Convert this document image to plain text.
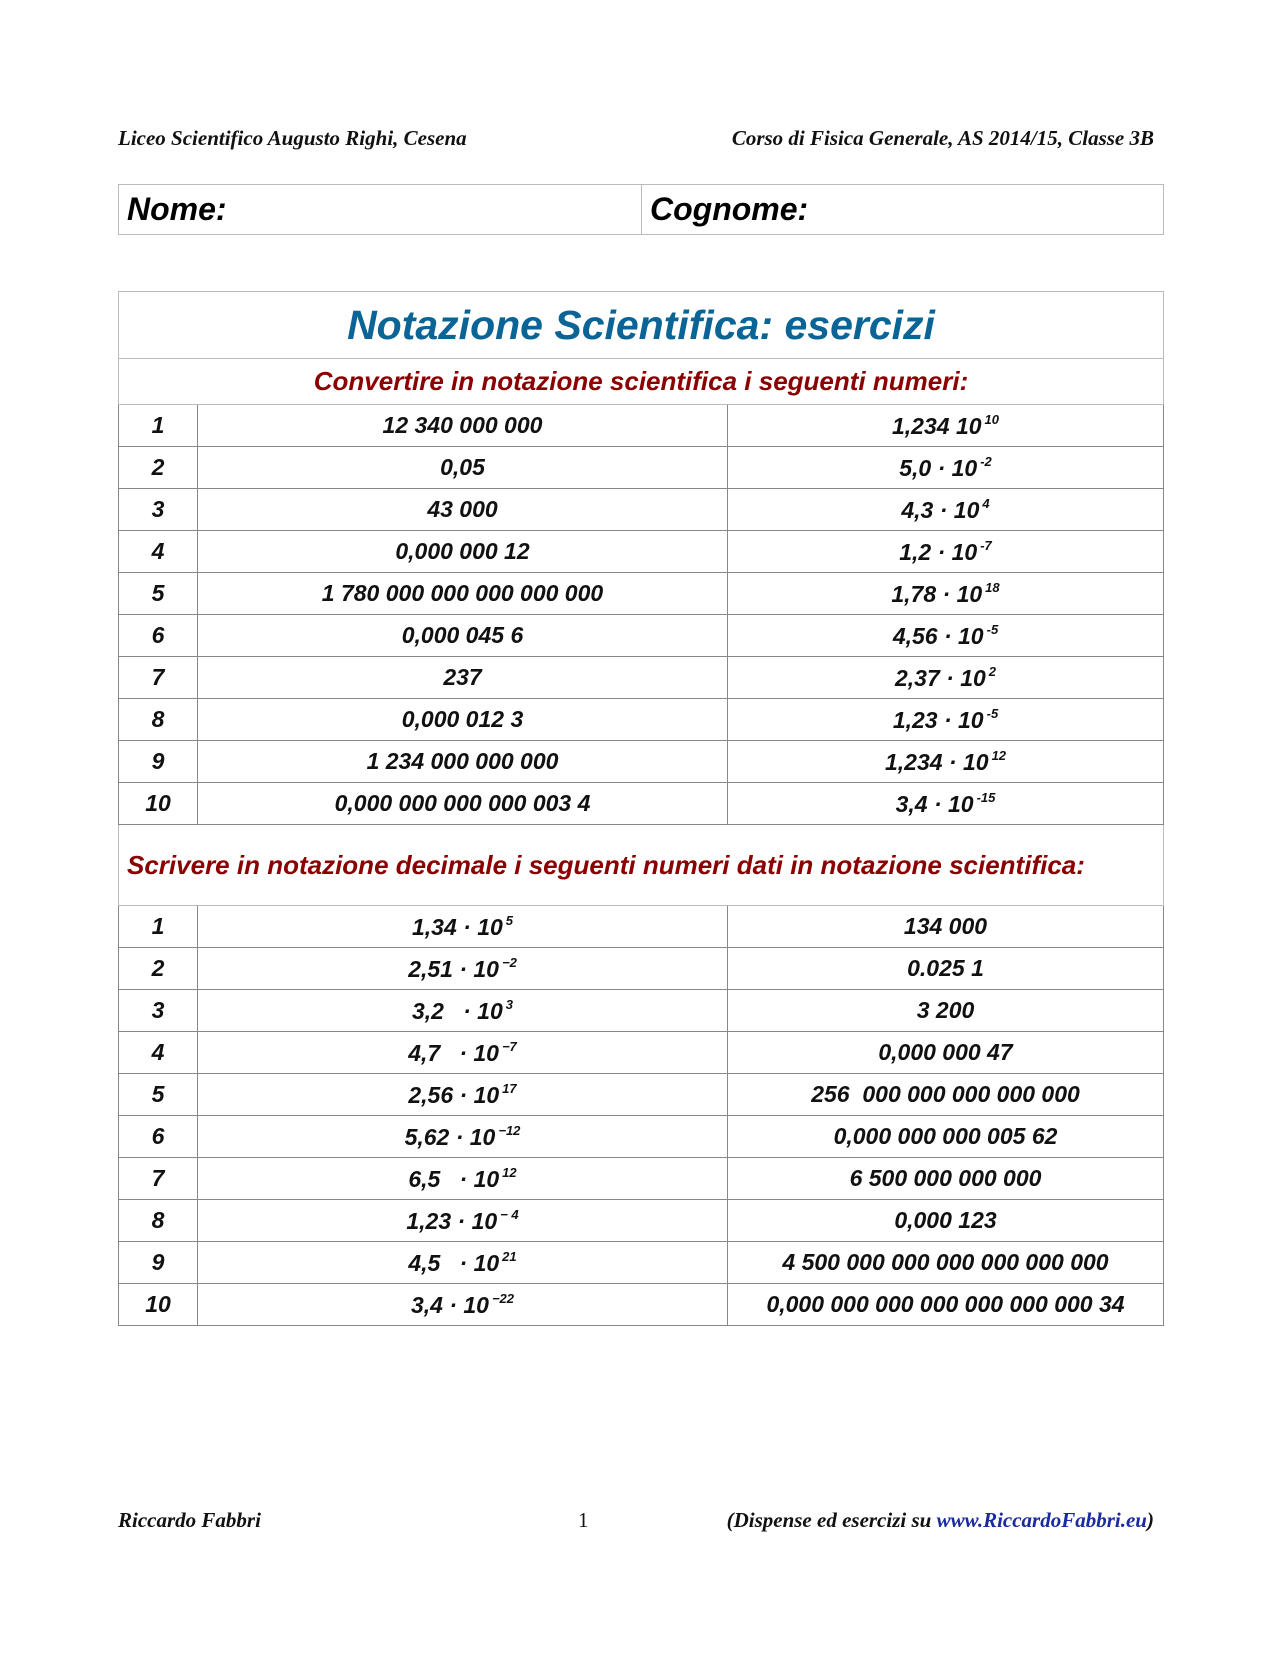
Liceo Scientifico Augusto Righi, Cesena	Corso di Fisica Generale, AS 2014/15, Classe 3B
Nome:	Cognome:
Notazione Scientifica: esercizi		
Convertire in notazione scientifica i seguenti numeri:		
1	12 340 000 000	1,234 10 $^{10}$
2	0,05	5,0 · 10 $^{-2}$
3	43 000	4,3 · 10 $^4$
4	0,000 000 12	1,2 · 10 $^{-7}$
5	1 780 000 000 000 000 000	1,78 · 10 $^{18}$
6	0,000 045 6	4,56 · 10 $^{-5}$
7	237	2,37 · 10 $^2$
8	0,000 012 3	1,23 · 10 $^{-5}$
9	1 234 000 000 000	1,234 · 10 $^{12}$
10	0,000 000 000 000 003 4	3,4 · 10 $^{-15}$
Scrivere in notazione decimale i seguenti numeri dati in notazione scientifica:		
1	1,34 · 10 $^5$	134 000
2	2,51 · 10 $^{-2}$	0.025 1
3	3,2   · 10 $^3$	3 200
4	4,7   · 10 $^{-7}$	0,000 000 47
5	2,56 · 10 $^{17}$	256  000 000 000 000 000
6	5,62 · 10 $^{-12}$	0,000 000 000 005 62
7	6,5   · 10 $^{12}$	6 500 000 000 000
8	1,23 · 10 $^{- 4}$	0,000 123
9	4,5   · 10 $^{21}$	4 500 000 000 000 000 000 000
10	3,4 · 10 $^{-22}$	0,000 000 000 000 000 000 000 34
Riccardo Fabbri	1	(Dispense ed esercizi su www.RiccardoFabbri.eu)
